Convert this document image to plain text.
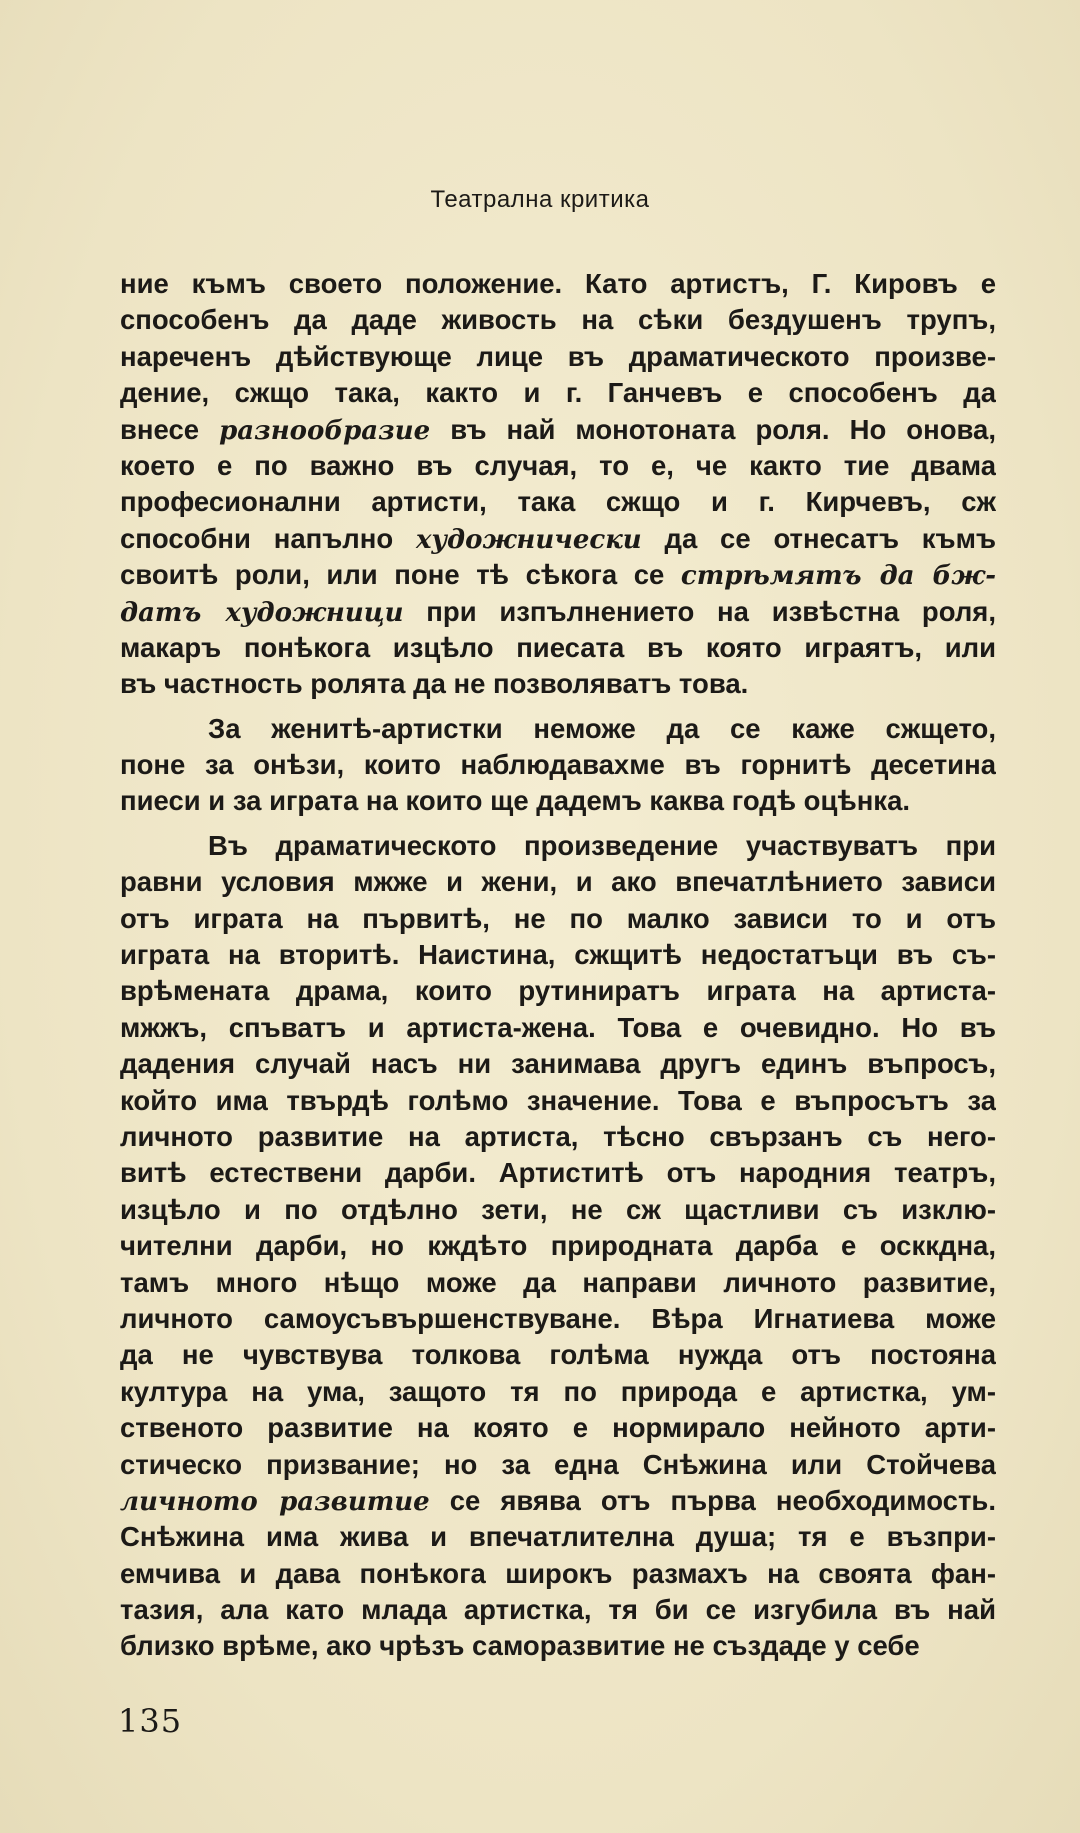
Театрална критика
ние къмъ своето положение. Като артистъ, Г. Кировъ е
способенъ да даде живость на сѣки бездушенъ трупъ,
нареченъ дѣйствующе лице въ драматическото произве-
дение, сжщо така, както и г. Ганчевъ е способенъ да
внесе разнообразие въ най монотоната роля. Но онова,
което е по важно въ случая, то е, че както тие двама
професионални артисти, така сжщо и г. Кирчевъ, сж
способни напълно художнически да се отнесатъ къмъ
своитѣ роли, или поне тѣ сѣкога се стрѣмятъ да бж-
датъ художници при изпълнението на извѣстна роля,
макаръ понѣкога изцѣло пиесата въ която играятъ, или
въ частность ролята да не позволяватъ това.
За женитѣ-артистки неможе да се каже сжщето,
поне за онѣзи, които наблюдавахме въ горнитѣ десетина
пиеси и за играта на които ще дадемъ каква годѣ оцѣнка.
Въ драматическото произведение участвуватъ при
равни условия мжже и жени, и ако впечатлѣнието зависи
отъ играта на първитѣ, не по малко зависи то и отъ
играта на вторитѣ. Наистина, сжщитѣ недостатъци въ съ-
врѣмената драма, които рутиниратъ играта на артиста-
мжжъ, спъватъ и артиста-жена. Това е очевидно. Но въ
дадения случай насъ ни занимава другъ единъ въпросъ,
който има твърдѣ голѣмо значение. Това е въпросътъ за
личното развитие на артиста, тѣсно свързанъ съ него-
витѣ естествени дарби. Артиститѣ отъ народния театръ,
изцѣло и по отдѣлно зети, не сж щастливи съ изклю-
чителни дарби, но кждѣто природната дарба е осккдна,
тамъ много нѣщо може да направи личното развитие,
личното самоусъвършенствуване. Вѣра Игнатиева може
да не чувствува толкова голѣма нужда отъ постояна
култура на ума, защото тя по природа е артистка, ум-
ственото развитие на която е нормирало нейното арти-
стическо призвание; но за една Снѣжина или Стойчева
личното развитие се явява отъ първа необходимость.
Снѣжина има жива и впечатлителна душа; тя е възпри-
емчива и дава понѣкога широкъ размахъ на своята фан-
тазия, ала като млада артистка, тя би се изгубила въ най
близко врѣме, ако чрѣзъ саморазвитие не създаде у себе
135
